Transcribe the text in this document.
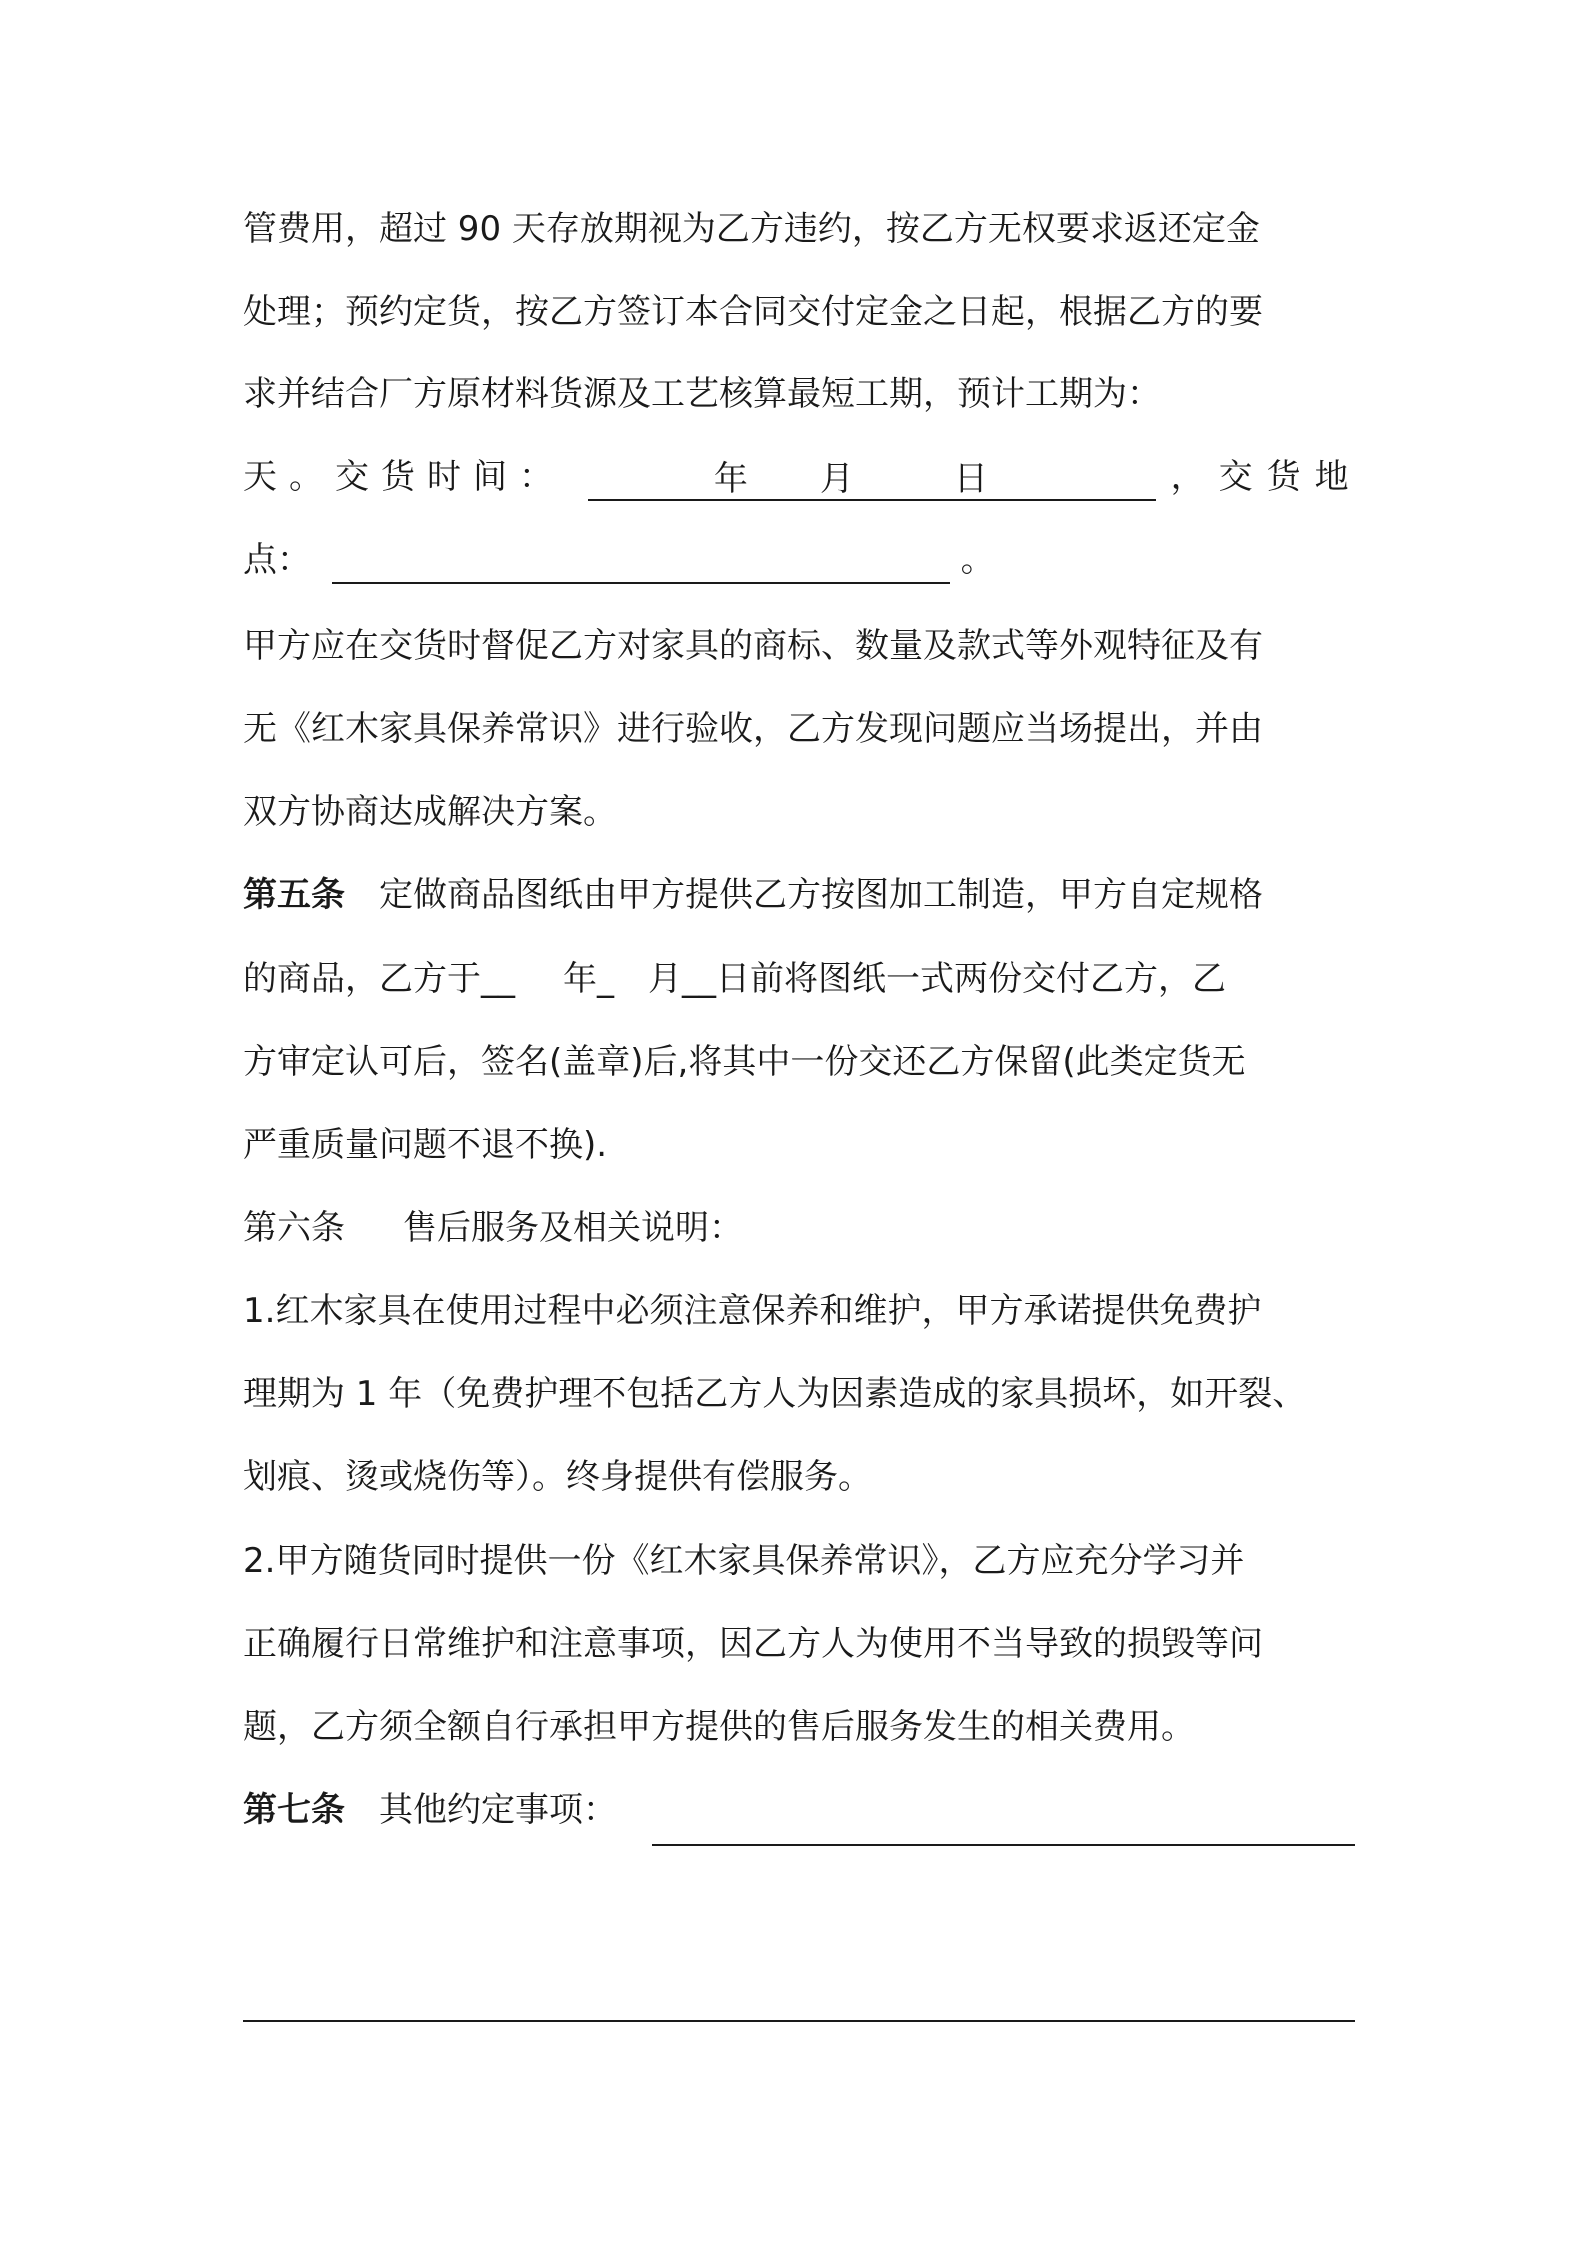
管费用，超过 90 天存放期视为乙方违约，按乙方无权要求返还定金
处理；预约定货，按乙方签订本合同交付定金之日起，根据乙方的要
求并结合厂方原材料货源及工艺核算最短工期，预计工期为：
天。交货时间：	年 月	日	，交货地
点：	。
甲方应在交货时督促乙方对家具的商标、数量及款式等外观特征及有
无《红木家具保养常识》进行验收，乙方发现问题应当场提出，并由
双方协商达成解决方案。
第五条 定做商品图纸由甲方提供乙方按图加工制造，甲方自定规格
的商品，乙方于__ 年_ 月__日前将图纸一式两份交付乙方，乙
方审定认可后，签名(盖章)后,将其中一份交还乙方保留(此类定货无
严重质量问题不退不换).
第六条 售后服务及相关说明：
1.红木家具在使用过程中必须注意保养和维护，甲方承诺提供免费护
理期为 1 年（免费护理不包括乙方人为因素造成的家具损坏，如开裂、
划痕、烫或烧伤等）。终身提供有偿服务。
2.甲方随货同时提供一份《红木家具保养常识》，乙方应充分学习并
正确履行日常维护和注意事项，因乙方人为使用不当导致的损毁等问
题，乙方须全额自行承担甲方提供的售后服务发生的相关费用。
第七条 其他约定事项：
